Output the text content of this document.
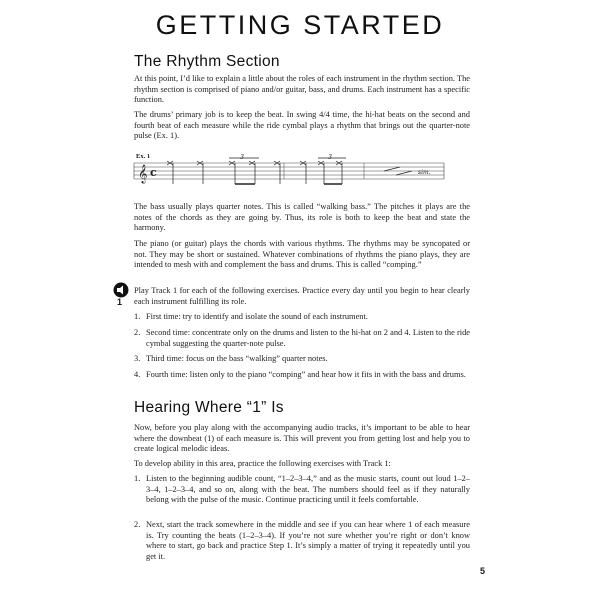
GETTING STARTED
The Rhythm Section

At this point, I’d like to explain a little about the roles of each instrument in the rhythm section. The rhythm section is comprised of piano and/or guitar, bass, and drums. Each instrument has a specific function.

The drums’ primary job is to keep the beat. In swing 4/4 time, the hi-hat beats on the second and fourth beat of each measure while the ride cymbal plays a rhythm that brings out the quarter-note pulse (Ex. 1).

Ex. 1
𝄞 c
3	3
sim.

The bass usually plays quarter notes. This is called “walking bass.” The pitches it plays are the notes of the chords as they are going by. Thus, its role is both to keep the beat and state the harmony.

The piano (or guitar) plays the chords with various rhythms. The rhythms may be syncopated or not. They may be short or sustained. Whatever combinations of rhythms the piano plays, they are intended to mesh with and complement the bass and drums. This is called “comping.”

1

Play Track 1 for each of the following exercises. Practice every day until you begin to hear clearly each instrument fulfilling its role.

1. First time: try to identify and isolate the sound of each instrument.
2. Second time: concentrate only on the drums and listen to the hi-hat on 2 and 4. Listen to the ride cymbal suggesting the quarter-note pulse.
3. Third time: focus on the bass “walking” quarter notes.
4. Fourth time: listen only to the piano “comping” and hear how it fits in with the bass and drums.
Hearing Where “1” Is

Now, before you play along with the accompanying audio tracks, it’s important to be able to hear where the downbeat (1) of each measure is. This will prevent you from getting lost and help you to create logical melodic ideas.

To develop ability in this area, practice the following exercises with Track 1:

1. Listen to the beginning audible count, “1–2–3–4,” and as the music starts, count out loud 1–2–3–4, 1–2–3–4, and so on, along with the beat. The numbers should feel as if they naturally belong with the pulse of the music. Continue practicing until it feels comfortable.
2. Next, start the track somewhere in the middle and see if you can hear where 1 of each measure is. Try counting the beats (1–2–3–4). If you’re not sure whether you’re right or don’t know where to start, go back and practice Step 1. It’s simply a matter of trying it repeatedly until you get it.
5
